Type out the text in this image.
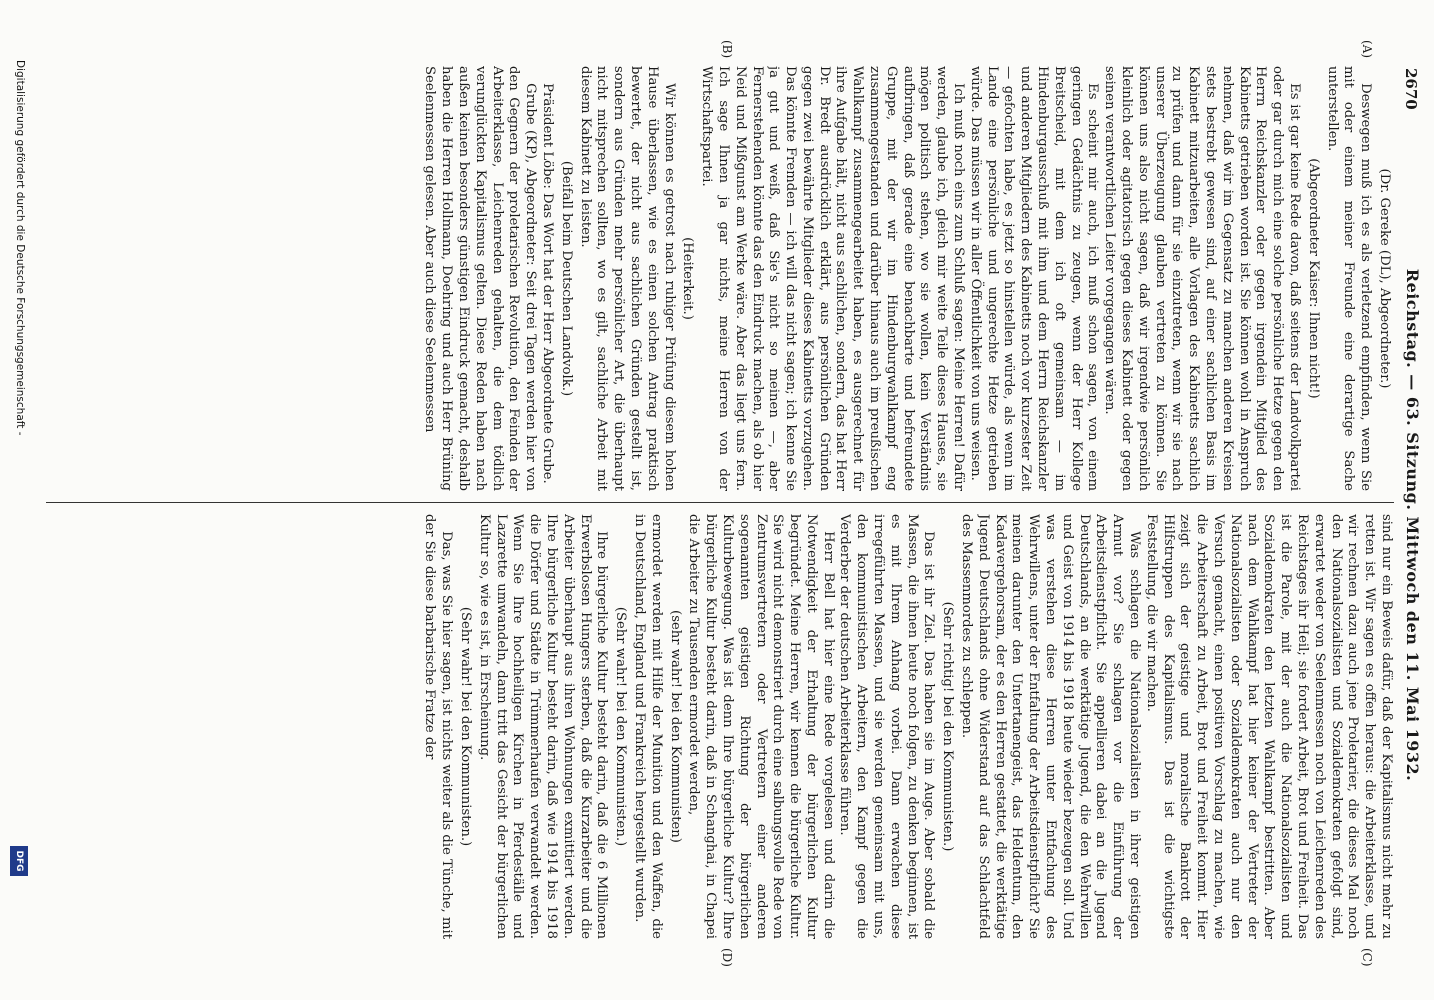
2670
Reichstag. — 63. Sitzung. Mittwoch den 11. Mai 1932.
(A)
(B)
(C)
(D)

(Dr. Gereke (DL), Abgeordneter.)

Deswegen muß ich es als verletzend empfinden, wenn Sie mit oder einem meiner Freunde eine derartige Sache unterstellen.

(Abgeordneter Kaiser: Ihnen nicht!)

Es ist gar keine Rede davon, daß seitens der Landvolkpartei oder gar durch mich eine solche persönliche Hetze gegen den Herrn Reichskanzler oder gegen irgendein Mitglied des Kabinetts getrieben worden ist. Sie können wohl in Anspruch nehmen, daß wir im Gegensatz zu manchen anderen Kreisen stets bestrebt gewesen sind, auf einer sachlichen Basis im Kabinett mitzuarbeiten, alle Vorlagen des Kabinetts sachlich zu prüfen und dann für sie einzutreten, wenn wir sie nach unserer Überzeugung glauben vertreten zu können. Sie können uns also nicht sagen, daß wir irgendwie persönlich kleinlich oder agitatorisch gegen dieses Kabinett oder gegen seinen verantwortlichen Leiter vorgegangen wären.

Es scheint mir auch, ich muß schon sagen, von einem geringen Gedächtnis zu zeugen, wenn der Herr Kollege Breitscheid, mit dem ich oft gemeinsam — im Hindenburgausschuß mit ihm und dem Herrn Reichskanzler und anderen Mitgliedern des Kabinetts noch vor kurzester Zeit — gefochten habe, es jetzt so hinstellen würde, als wenn im Lande eine persönliche und ungerechte Hetze getrieben würde. Das müssen wir in aller Öffentlichkeit von uns weisen.

Ich muß noch eins zum Schluß sagen: Meine Herren! Dafür werden, glaube ich, gleich mir weite Teile dieses Hauses, sie mögen politisch stehen, wo sie wollen, kein Verständnis aufbringen, daß gerade eine benachbarte und befreundete Gruppe, mit der wir im Hindenburgwahlkampf eng zusammengestanden und darüber hinaus auch im preußischen Wahlkampf zusammengearbeitet haben, es ausgerechnet für ihre Aufgabe hält, nicht aus sachlichen, sondern, das hat Herr Dr. Bredt ausdrücklich erklärt, aus persönlichen Gründen gegen zwei bewährte Mitglieder dieses Kabinetts vorzugehen. Das könnte Fremden — ich will das nicht sagen; ich kenne Sie ja gut und weiß, daß Sie's nicht so meinen —, aber Fernerstehenden könnte das den Eindruck machen, als ob hier Neid und Mißgunst am Werke wäre. Aber das liegt uns fern. Ich sage Ihnen ja gar nichts, meine Herren von der Wirtschaftspartei.

(Heiterkeit.)

Wir können es getrost nach ruhiger Prüfung diesem hohen Hause überlassen, wie es einen solchen Antrag praktisch bewertet, der nicht aus sachlichen Gründen gestellt ist, sondern aus Gründen mehr persönlicher Art, die überhaupt nicht mitsprechen sollten, wo es gilt, sachliche Arbeit mit diesem Kabinett zu leisten.

(Beifall beim Deutschen Landvolk.)

Präsident Löbe: Das Wort hat der Herr Abgeordnete Grube.

Grube (KP), Abgeordneter: Seit drei Tagen werden hier von den Gegnern der proletarischen Revolution, den Feinden der Arbeiterklasse, Leichenreden gehalten, die dem tödlich verunglückten Kapitalismus gelten. Diese Reden haben nach außen keinen besonders günstigen Eindruck gemacht, deshalb haben die Herren Hollmann, Doehring und auch Herr Brüning Seelenmessen gelesen. Aber auch diese Seelenmessen

sind nur ein Beweis dafür, daß der Kapitalismus nicht mehr zu retten ist. Wir sagen es offen heraus: die Arbeiterklasse, und wir rechnen dazu auch jene Proletarier, die dieses Mal noch den Nationalsozialisten und Sozialdemokraten gefolgt sind, erwartet weder von Seelenmessen noch von Leichenreden des Reichstages ihr Heil; sie fordert Arbeit, Brot und Freiheit. Das ist die Parole, mit der auch die Nationalsozialisten und Sozialdemokraten den letzten Wahlkampf bestritten. Aber nach dem Wahlkampf hat hier keiner der Vertreter der Nationalsozialisten oder Sozialdemokraten auch nur den Versuch gemacht, einen positiven Vorschlag zu machen, wie die Arbeiterschaft zu Arbeit, Brot und Freiheit kommt. Hier zeigt sich der geistige und moralische Bankrott der Hilfstruppen des Kapitalismus. Das ist die wichtigste Feststellung, die wir machen.

Was schlagen die Nationalsozialisten in ihrer geistigen Armut vor? Sie schlagen vor die Einführung der Arbeitsdienstpflicht. Sie appellieren dabei an die Jugend Deutschlands, an die werktätige Jugend, die den Wehrwillen und Geist von 1914 bis 1918 heute wieder bezeugen soll. Und was verstehen diese Herren unter Entfachung des Wehrwillens, unter der Entfaltung der Arbeitsdienstpflicht? Sie meinen darunter den Untertanengeist, das Heldentum, den Kadavergehorsam, der es den Herren gestattet, die werktätige Jugend Deutschlands ohne Widerstand auf das Schlachtfeld des Massenmordes zu schleppen.

(Sehr richtig! bei den Kommunisten.)

Das ist ihr Ziel. Das haben sie im Auge. Aber sobald die Massen, die ihnen heute noch folgen, zu denken beginnen, ist es mit Ihrem Anhang vorbei. Dann erwachen diese irregeführten Massen, und sie werden gemeinsam mit uns, den kommunistischen Arbeitern, den Kampf gegen die Verderber der deutschen Arbeiterklasse führen.

Herr Bell hat hier eine Rede vorgelesen und darin die Notwendigkeit der Erhaltung der bürgerlichen Kultur begründet. Meine Herren, wir kennen die bürgerliche Kultur. Sie wird nicht demonstriert durch eine salbungsvolle Rede von Zentrumsvertretern oder Vertretern einer anderen sogenannten geistigen Richtung der bürgerlichen Kulturbewegung. Was ist denn Ihre bürgerliche Kultur? Ihre bürgerliche Kultur besteht darin, daß in Schanghai, in Chapei die Arbeiter zu Tausenden ermordet werden,

(sehr wahr! bei den Kommunisten)

ermordet werden mit Hilfe der Munition und den Waffen, die in Deutschland, England und Frankreich hergestellt wurden.

(Sehr wahr! bei den Kommunisten.)

Ihre bürgerliche Kultur besteht darin, daß die 6 Millionen Erwerbslosen Hungers sterben, daß die Kurzarbeiter und die Arbeiter überhaupt aus ihren Wohnungen exmittiert werden. Ihre bürgerliche Kultur besteht darin, daß wie 1914 bis 1918 die Dörfer und Städte in Trümmerhaufen verwandelt werden. Wenn Sie Ihre hochheiligen Kirchen in Pferdeställe und Lazarette umwandeln, dann tritt das Gesicht der bürgerlichen Kultur so, wie es ist, in Erscheinung.

(Sehr wahr! bei den Kommunisten.)

Das, was Sie hier sagen, ist nichts weiter als die Tünche, mit der Sie diese barbarische Fratze der

Digitalisierung gefördert durch die Deutsche Forschungsgemeinschaft -
DFG
